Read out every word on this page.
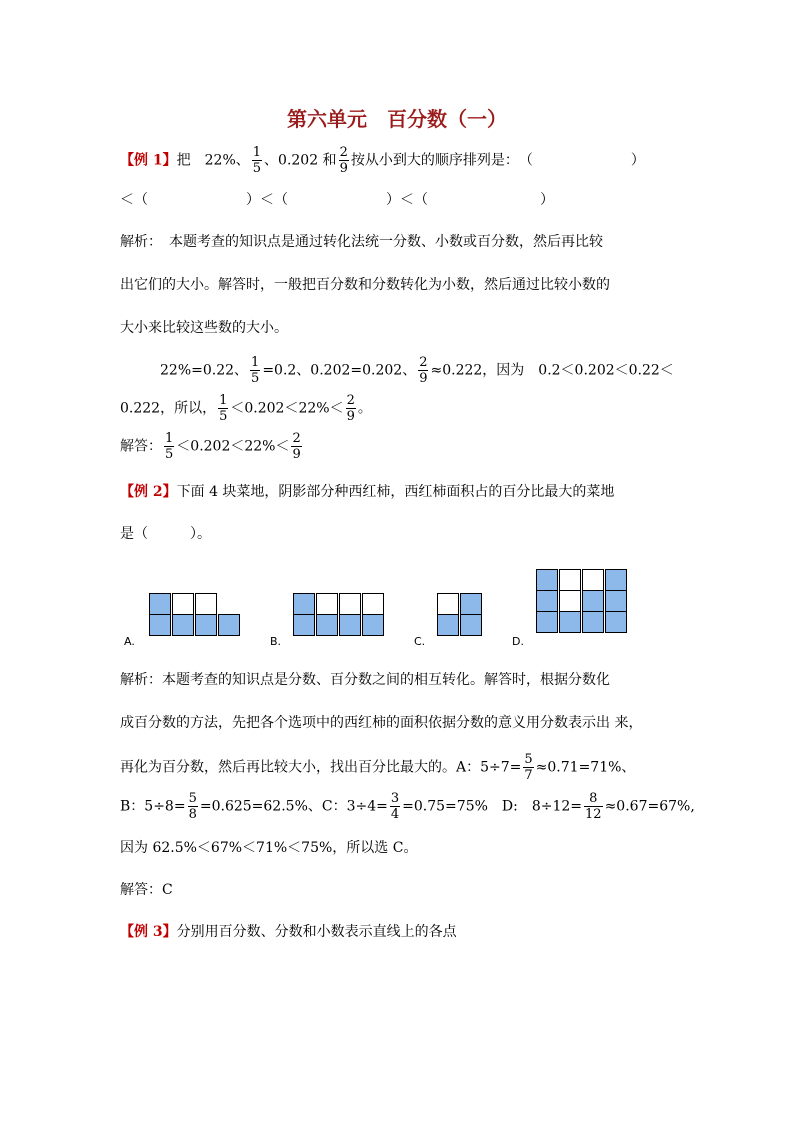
第六单元　百分数（一）
【例 1】把　22%、 $\frac{1}{5}$ 、0.202 和 $\frac{2}{9}$ 按从小到大的顺序排列是：　（　　　　　　　）
＜（　　　　　　　）＜（　　　　　　　）＜（　　　　　　　　）
解析：　本题考查的知识点是通过转化法统一分数、小数或百分数，然后再比较
出它们的大小。解答时，一般把百分数和分数转化为小数，然后通过比较小数的
大小来比较这些数的大小。
22%=0.22、 $\frac{1}{5} =0.2$、0.202=0.202、 $\frac{2}{9} \approx 0.222$，因为　0.2＜0.202＜0.22＜
0.222，所以， $\frac{1}{5} <0.202<22\%< \frac{2}{9}$ 。
解答： $\frac{1}{5} <0.202<22\%< \frac{2}{9}$
【例 2】下面 4 块菜地，阴影部分种西红柿，西红柿面积占的百分比最大的菜地
是（　　　）。
A.	B.	C.	D.
解析：本题考查的知识点是分数、百分数之间的相互转化。解答时，根据分数化
成百分数的方法，先把各个选项中的西红柿的面积依据分数的意义用分数表示出 来，
再化为百分数，然后再比较大小，找出百分比最大的。A：$5\div 7= \frac{5}{7} \approx 0.71=71\%$、
B：$5\div 8= \frac{5}{8} =0.625=62.5\%$、C：$3\div 4= \frac{3}{4} =0.75=75\%$　D:　$8\div 12= \frac{8}{12} \approx 0.67=67\%$,
因为 62.5%＜67%＜71%＜75%，所以选 C。
解答：C
【例 3】分别用百分数、分数和小数表示直线上的各点
